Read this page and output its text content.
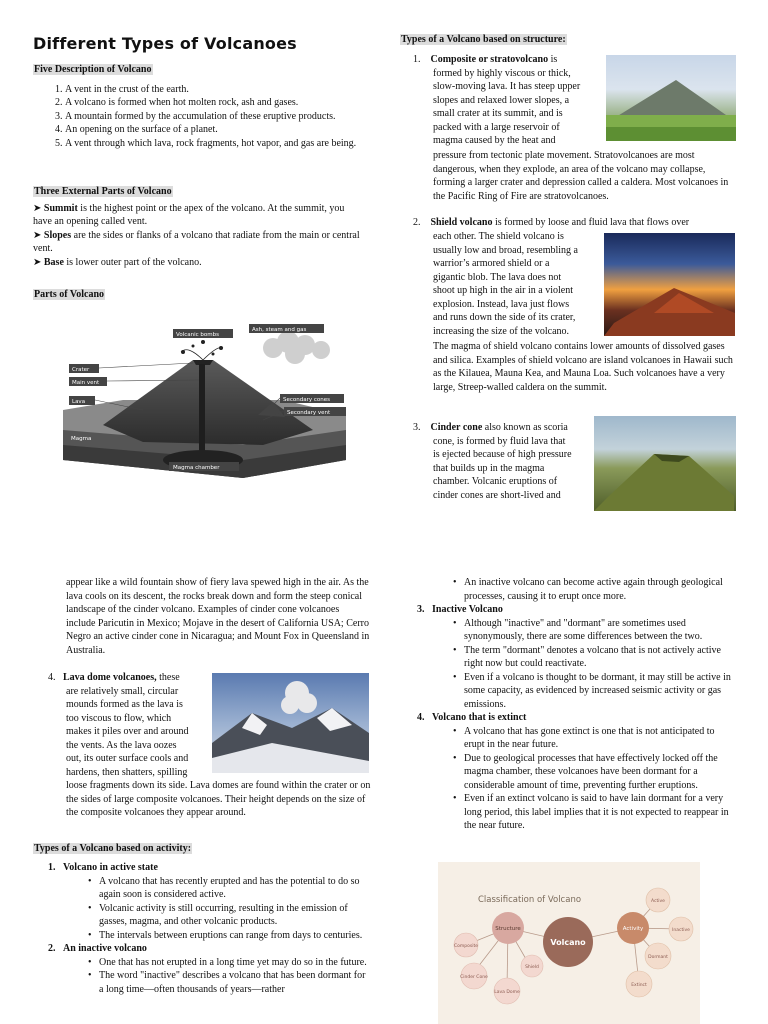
Different Types of Volcanoes
Five Description of Volcano
1. A vent in the crust of the earth.
2. A volcano is formed when hot molten rock, ash and gases.
3. A mountain formed by the accumulation of these eruptive products.
4. An opening on the surface of a planet.
5. A vent through which lava, rock fragments, hot vapor, and gas are being.
Three External Parts of Volcano

➤ Summit is the highest point or the apex of the volcano. At the summit, you have an opening called vent.

➤ Slopes are the sides or flanks of a volcano that radiate from the main or central vent.

➤ Base is lower outer part of the volcano.

Parts of Volcano
Volcanic bombs
Ash, steam and gas
Crater
Main vent
Lava	Secondary cones
Secondary vent
Magma
Magma chamber
Types of a Volcano based on structure:
1. Composite or stratovolcano is
formed by highly viscous or thick,
slow-moving lava. It has steep upper
slopes and relaxed lower slopes, a
small crater at its summit, and is
packed with a large reservoir of
magma caused by the heat and
pressure from tectonic plate movement. Stratovolcanoes are most dangerous, when they explode, an area of the volcano may collapse, forming a larger crater and depression called a caldera. Most volcanoes in the Pacific Ring of Fire are stratovolcanoes.
2. Shield volcano is formed by loose and fluid lava that flows over
each other. The shield volcano is
usually low and broad, resembling a
warrior’s armored shield or a
gigantic blob. The lava does not
shoot up high in the air in a violent
explosion. Instead, lava just flows
and runs down the side of its crater,
increasing the size of the volcano.
The magma of shield volcano contains lower amounts of dissolved gases and silica. Examples of shield volcano are island volcanoes in Hawaii such as the Kilauea, Mauna Kea, and Mauna Loa. Such volcanoes have a very large, Streep-walled caldera on the summit.
3. Cinder cone also known as scoria
cone, is formed by fluid lava that
is ejected because of high pressure
that builds up in the magma
chamber. Volcanic eruptions of
cinder cones are short-lived and
appear like a wild fountain show of fiery lava spewed high in the air. As the lava cools on its descent, the rocks break down and form the steep conical landscape of the cinder volcano. Examples of cinder cone volcanoes include Paricutin in Mexico; Mojave in the desert of California USA; Cerro Negro an active cinder cone in Nicaragua; and Mount Fox in Queensland in Australia.
4. Lava dome volcanoes, these
are relatively small, circular
mounds formed as the lava is
too viscous to flow, which
makes it piles over and around
the vents. As the lava oozes
out, its outer surface cools and
hardens, then shatters, spilling
loose fragments down its side. Lava domes are found within the crater or on the sides of large composite volcanoes. Their height depends on the size of the composite volcanoes they appear around.
Types of a Volcano based on activity:
1. Volcano in active state
• A volcano that has recently erupted and has the potential to do so again soon is considered active.
• Volcanic activity is still occurring, resulting in the emission of gasses, magma, and other volcanic products.
• The intervals between eruptions can range from days to centuries.
2. An inactive volcano
• One that has not erupted in a long time yet may do so in the future.
• The word "inactive" describes a volcano that has been dormant for a long time—often thousands of years—rather
• An inactive volcano can become active again through geological processes, causing it to erupt once more.
3. Inactive Volcano
• Although "inactive" and "dormant" are sometimes used synonymously, there are some differences between the two.
• The term "dormant" denotes a volcano that is not actively active right now but could reactivate.
• Even if a volcano is thought to be dormant, it may still be active in some capacity, as evidenced by increased seismic activity or gas emissions.
4. Volcano that is extinct
• A volcano that has gone extinct is one that is not anticipated to erupt in the near future.
• Due to geological processes that have effectively locked off the magma chamber, these volcanoes have been dormant for a considerable amount of time, preventing further eruptions.
• Even if an extinct volcano is said to have lain dormant for a very long period, this label implies that it is not expected to reappear in the near future.
Classification of Volcano
Volcano
Structure	Activity
Composite
Cinder Cone
Lava Dome
Shield
Active
Inactive
Dormant
Extinct
